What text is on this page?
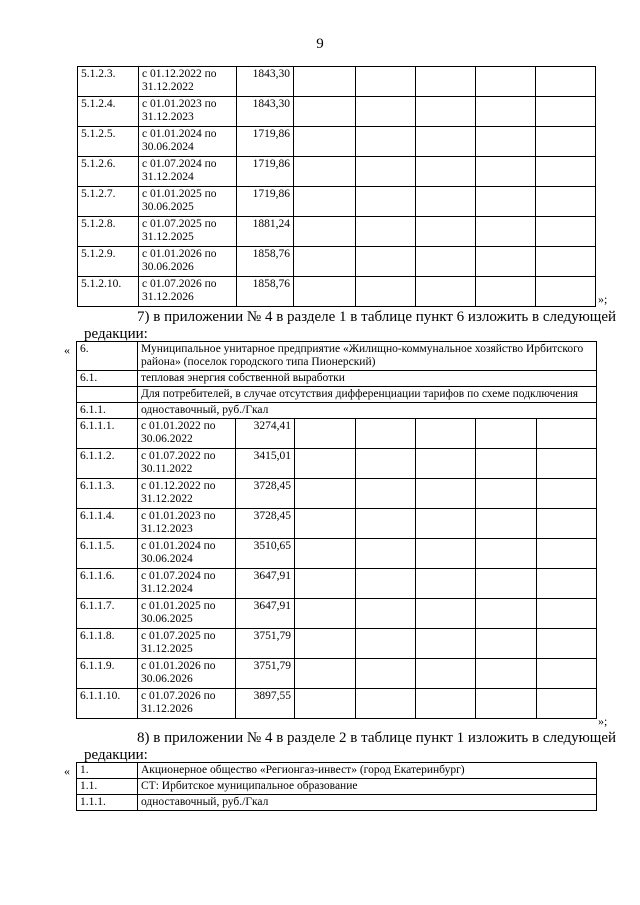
9
5.1.2.3.	с 01.12.2022 по 31.12.2022	1843,30					
5.1.2.4.	с 01.01.2023 по 31.12.2023	1843,30					
5.1.2.5.	с 01.01.2024 по 30.06.2024	1719,86					
5.1.2.6.	с 01.07.2024 по 31.12.2024	1719,86					
5.1.2.7.	с 01.01.2025 по 30.06.2025	1719,86					
5.1.2.8.	с 01.07.2025 по 31.12.2025	1881,24					
5.1.2.9.	с 01.01.2026 по 30.06.2026	1858,76					
5.1.2.10.	с 01.07.2026 по 31.12.2026	1858,76					
»;
7) в приложении № 4 в разделе 1 в таблице пункт 6 изложить в следующей
редакции:
« 6.	Муниципальное унитарное предприятие «Жилищно-коммунальное хозяйство Ирбитского района» (поселок городского типа Пионерский)						
6.1.	тепловая энергия собственной выработки						
	Для потребителей, в случае отсутствия дифференциации тарифов по схеме подключения						
6.1.1.	одноставочный, руб./Гкал						
6.1.1.1.	с 01.01.2022 по 30.06.2022	3274,41					
6.1.1.2.	с 01.07.2022 по 30.11.2022	3415,01					
6.1.1.3.	с 01.12.2022 по 31.12.2022	3728,45					
6.1.1.4.	с 01.01.2023 по 31.12.2023	3728,45					
6.1.1.5.	с 01.01.2024 по 30.06.2024	3510,65					
6.1.1.6.	с 01.07.2024 по 31.12.2024	3647,91					
6.1.1.7.	с 01.01.2025 по 30.06.2025	3647,91					
6.1.1.8.	с 01.07.2025 по 31.12.2025	3751,79					
6.1.1.9.	с 01.01.2026 по 30.06.2026	3751,79					
6.1.1.10.	с 01.07.2026 по 31.12.2026	3897,55					
»;
8) в приложении № 4 в разделе 2 в таблице пункт 1 изложить в следующей
редакции:
« 1.	Акционерное общество «Регионгаз-инвест» (город Екатеринбург)
1.1.	СТ: Ирбитское муниципальное образование
1.1.1.	одноставочный, руб./Гкал
